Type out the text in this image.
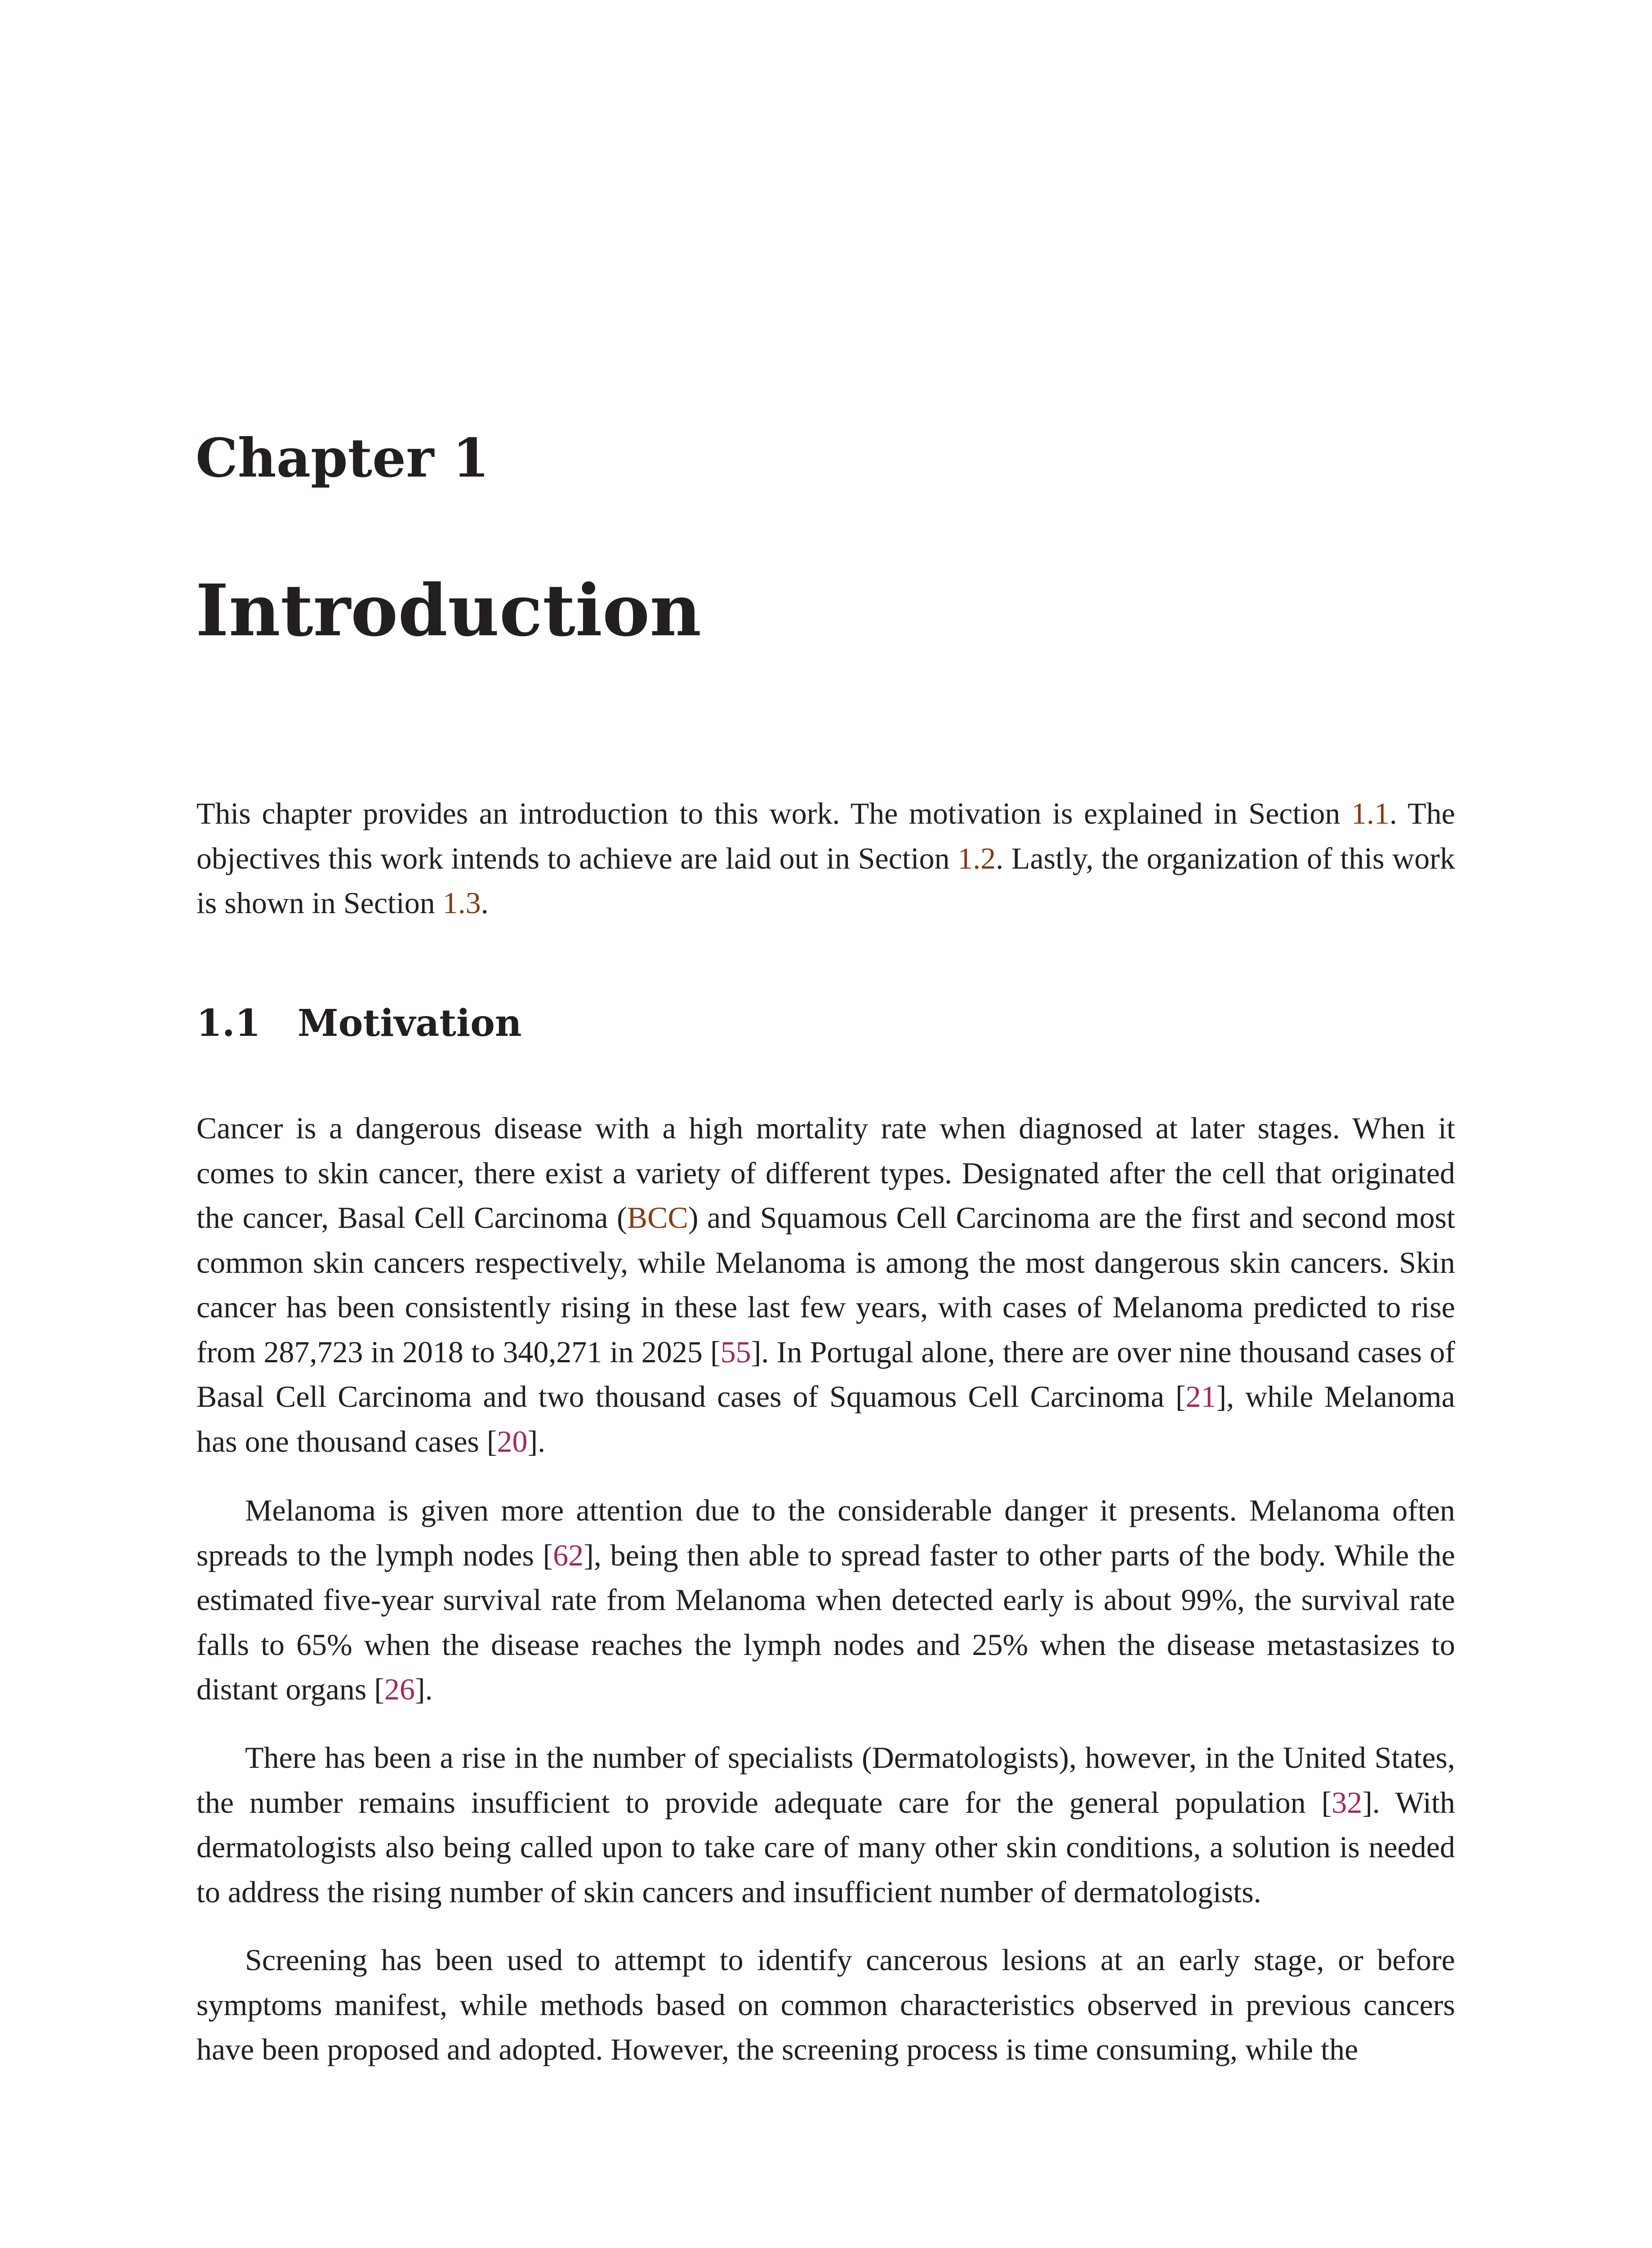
Chapter 1
Introduction

This chapter provides an introduction to this work. The motivation is explained in Section 1.1. The objectives this work intends to achieve are laid out in Section 1.2. Lastly, the organization of this work is shown in Section 1.3.

1.1 Motivation

Cancer is a dangerous disease with a high mortality rate when diagnosed at later stages. When it comes to skin cancer, there exist a variety of different types. Designated after the cell that originated the cancer, Basal Cell Carcinoma (BCC) and Squamous Cell Carcinoma are the first and second most common skin cancers respectively, while Melanoma is among the most dangerous skin cancers. Skin cancer has been consistently rising in these last few years, with cases of Melanoma predicted to rise from 287,723 in 2018 to 340,271 in 2025 [55]. In Portugal alone, there are over nine thousand cases of Basal Cell Carcinoma and two thousand cases of Squamous Cell Carcinoma [21], while Melanoma has one thousand cases [20].

Melanoma is given more attention due to the considerable danger it presents. Melanoma often spreads to the lymph nodes [62], being then able to spread faster to other parts of the body. While the estimated five-year survival rate from Melanoma when detected early is about 99%, the survival rate falls to 65% when the disease reaches the lymph nodes and 25% when the disease metastasizes to distant organs [26].

There has been a rise in the number of specialists (Dermatologists), however, in the United States, the number remains insufficient to provide adequate care for the general population [32]. With dermatologists also being called upon to take care of many other skin conditions, a solution is needed to address the rising number of skin cancers and insufficient number of dermatologists.

Screening has been used to attempt to identify cancerous lesions at an early stage, or before symptoms manifest, while methods based on common characteristics observed in previous cancers have been proposed and adopted. However, the screening process is time consuming, while the
